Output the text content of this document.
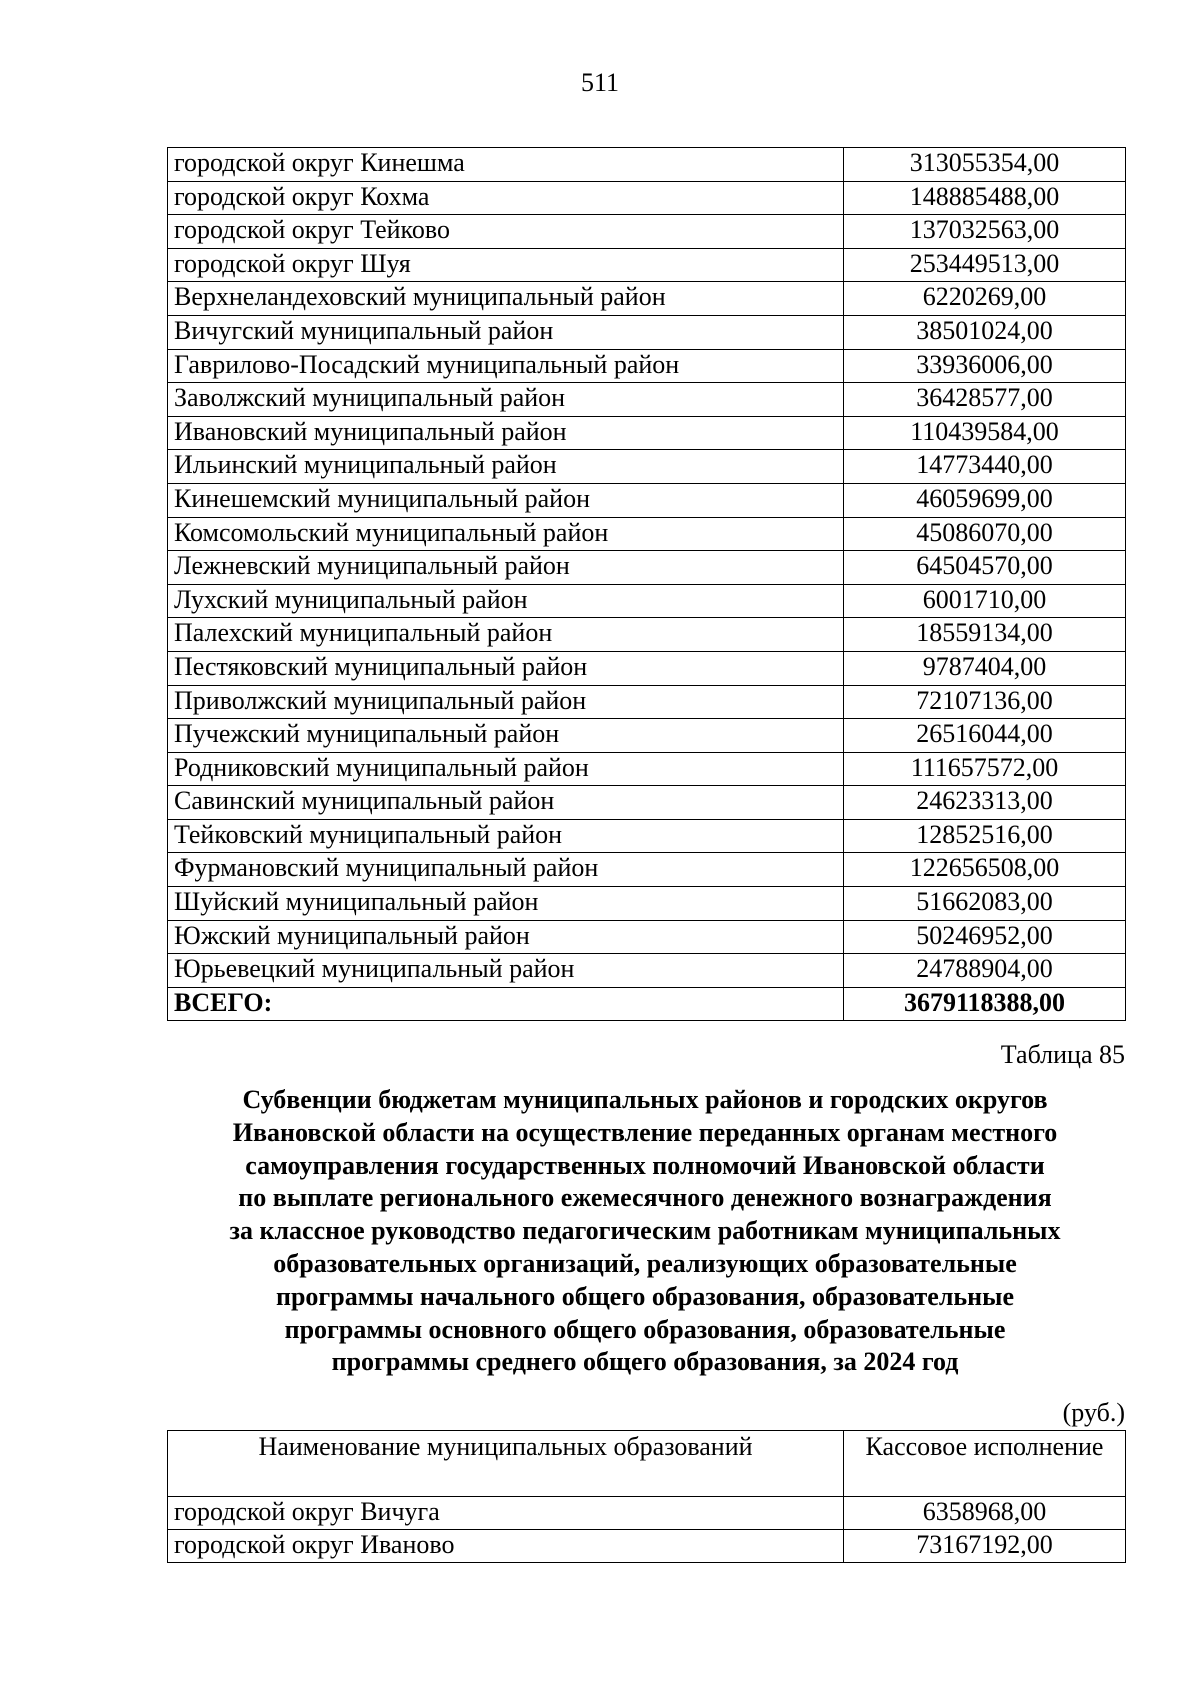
511
городской округ Кинешма	313055354,00
городской округ Кохма	148885488,00
городской округ Тейково	137032563,00
городской округ Шуя	253449513,00
Верхнеландеховский муниципальный район	6220269,00
Вичугский муниципальный район	38501024,00
Гаврилово-Посадский муниципальный район	33936006,00
Заволжский муниципальный район	36428577,00
Ивановский муниципальный район	110439584,00
Ильинский муниципальный район	14773440,00
Кинешемский муниципальный район	46059699,00
Комсомольский муниципальный район	45086070,00
Лежневский муниципальный район	64504570,00
Лухский муниципальный район	6001710,00
Палехский муниципальный район	18559134,00
Пестяковский муниципальный район	9787404,00
Приволжский муниципальный район	72107136,00
Пучежский муниципальный район	26516044,00
Родниковский муниципальный район	111657572,00
Савинский муниципальный район	24623313,00
Тейковский муниципальный район	12852516,00
Фурмановский муниципальный район	122656508,00
Шуйский муниципальный район	51662083,00
Южский муниципальный район	50246952,00
Юрьевецкий муниципальный район	24788904,00
ВСЕГО:	3679118388,00
Таблица 85
Субвенции бюджетам муниципальных районов и городских округов
Ивановской области на осуществление переданных органам местного
самоуправления государственных полномочий Ивановской области
по выплате регионального ежемесячного денежного вознаграждения
за классное руководство педагогическим работникам муниципальных
образовательных организаций, реализующих образовательные
программы начального общего образования, образовательные
программы основного общего образования, образовательные
программы среднего общего образования, за 2024 год
(руб.)
Наименование муниципальных образований	Кассовое исполнение
городской округ Вичуга	6358968,00
городской округ Иваново	73167192,00
